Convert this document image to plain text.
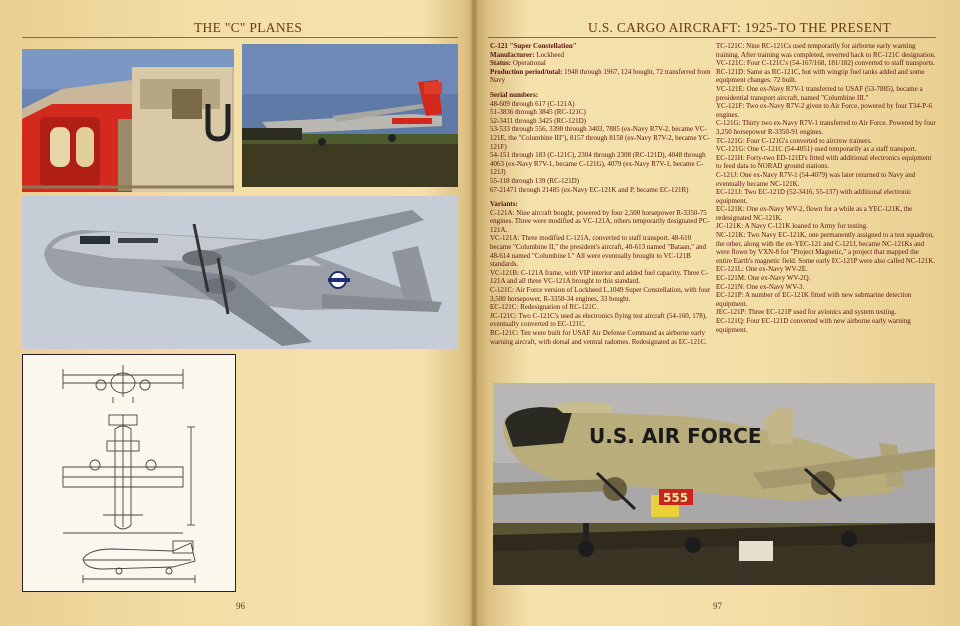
THE "C" PLANES
96
U.S. CARGO AIRCRAFT: 1925-TO THE PRESENT

C-121 "Super Constellation"

Manufacturer: Lockheed

Status: Operational

Production period/total: 1948 through 1967, 124 bought, 72 transferred from Navy

Serial numbers:

48-609 through 617 (C-121A)

51-3836 through 3845 (RC-121C)

52-3411 through 3425 (RC-121D)

53-533 through 556, 3398 through 3403, 7885 (ex-Navy R7V-2, became VC-121E, the "Columbine III"), 8157 through 8158 (ex-Navy R7V-2, became YC-121F)

54-151 through 183 (C-121C), 2304 through 2308 (RC-121D), 4048 through 4063 (ex-Navy R7V-1, became C-121G), 4079 (ex-Navy R7V-1, became C-121J)

55-118 through 139 (RC-121D)

67-21471 through 21485 (ex-Navy EC-121K and P, became EC-121R)

Variants:

C-121A: Nine aircraft bought, powered by four 2,500 horsepower R-3350-75 engines. Three were modified as VC-121A, others temporarily designated PC-121A.

VC-121A: Three modified C-121A, converted to staff transport. 48-610 became "Columbine II," the president's aircraft, 48-613 named "Bataan," and 48-614 named "Columbine I." All were eventually brought to VC-121B standards.

VC-121B: C-121A frame, with VIP interior and added fuel capacity. Three C-121A and all three VC-121A brought to this standard.

C-121C: Air Force version of Lockheed L.1049 Super Constellation, with four 3,500 horsepower, R-3350-34 engines, 33 bought.

EC-121C: Redesignation of RC-121C.

JC-121C: Two C-121C's used as electronics flying test aircraft (54-160, 178), eventually converted to EC-121C.

RC-121C: Ten were built for USAF Air Defense Command as airborne early warning aircraft, with dorsal and ventral radomes. Redesignated as EC-121C.

TC-121C: Nine RC-121Cs used temporarily for airborne early warning training. After training was completed, reverted back to RC-121C designation.

VC-121C: Four C-121C's (54-167/168, 181/182) converted to staff transports.

RC-121D: Same as RC-121C, but with wingtip fuel tanks added and some equipment changes. 72 built.

VC-121E: One ex-Navy R7V-1 transferred to USAF (53-7885), became a presidential transport aircraft, named "Columbine III."

YC-121F: Two ex-Navy R7V-2 given to Air Force, powered by four T34-P-6 engines.

C-121G: Thirty two ex-Navy R7V-1 transferred to Air Force. Powered by four 3,250 horsepower R-3350-91 engines.

TC-121G: Four C-121G's converted to aircrew trainers.

VC-121G: One C-121C (54-4051) used temporarily as a staff transport.

EC-121H: Forty-two ED-121D's fitted with additional electronics equipment to feed data to NORAD ground stations.

C-121J: One ex-Navy R7V-1 (54-4079) was later returned to Navy and eventually became NC-121K.

EC-121J: Two EC-121D (52-3416, 55-137) with additional electronic equipment.

EC-121K: One ex-Navy WV-2, flown for a while as a YEC-121K, the redesignated NC-121K.

JC-121K: A Navy C-121K loaned to Army for testing.

NC-121K: Two Navy EC-121K, one permanently assigned to a test squadron, the other, along with the ex-YEC-121 and C-121J, became NC-121Ks and were flown by VXN-8 for "Project Magnetic," a project that mapped the entire Earth's magnetic field. Some early EC-121P were also called NC-121K.

EC-121L: One ex-Navy WV-2E.

EC-121M: One ex-Navy WV-2Q.

EC-121N: One ex-Navy WV-3.

EC-121P: A number of EC-121K fitted with new submarine detection equipment.

JEC-121P: Three EC-121P used for avionics and system testing.

EC-121Q: Four EC-121D converted with new airborne early warning equipment.

U.S. AIR FORCE
555
97
